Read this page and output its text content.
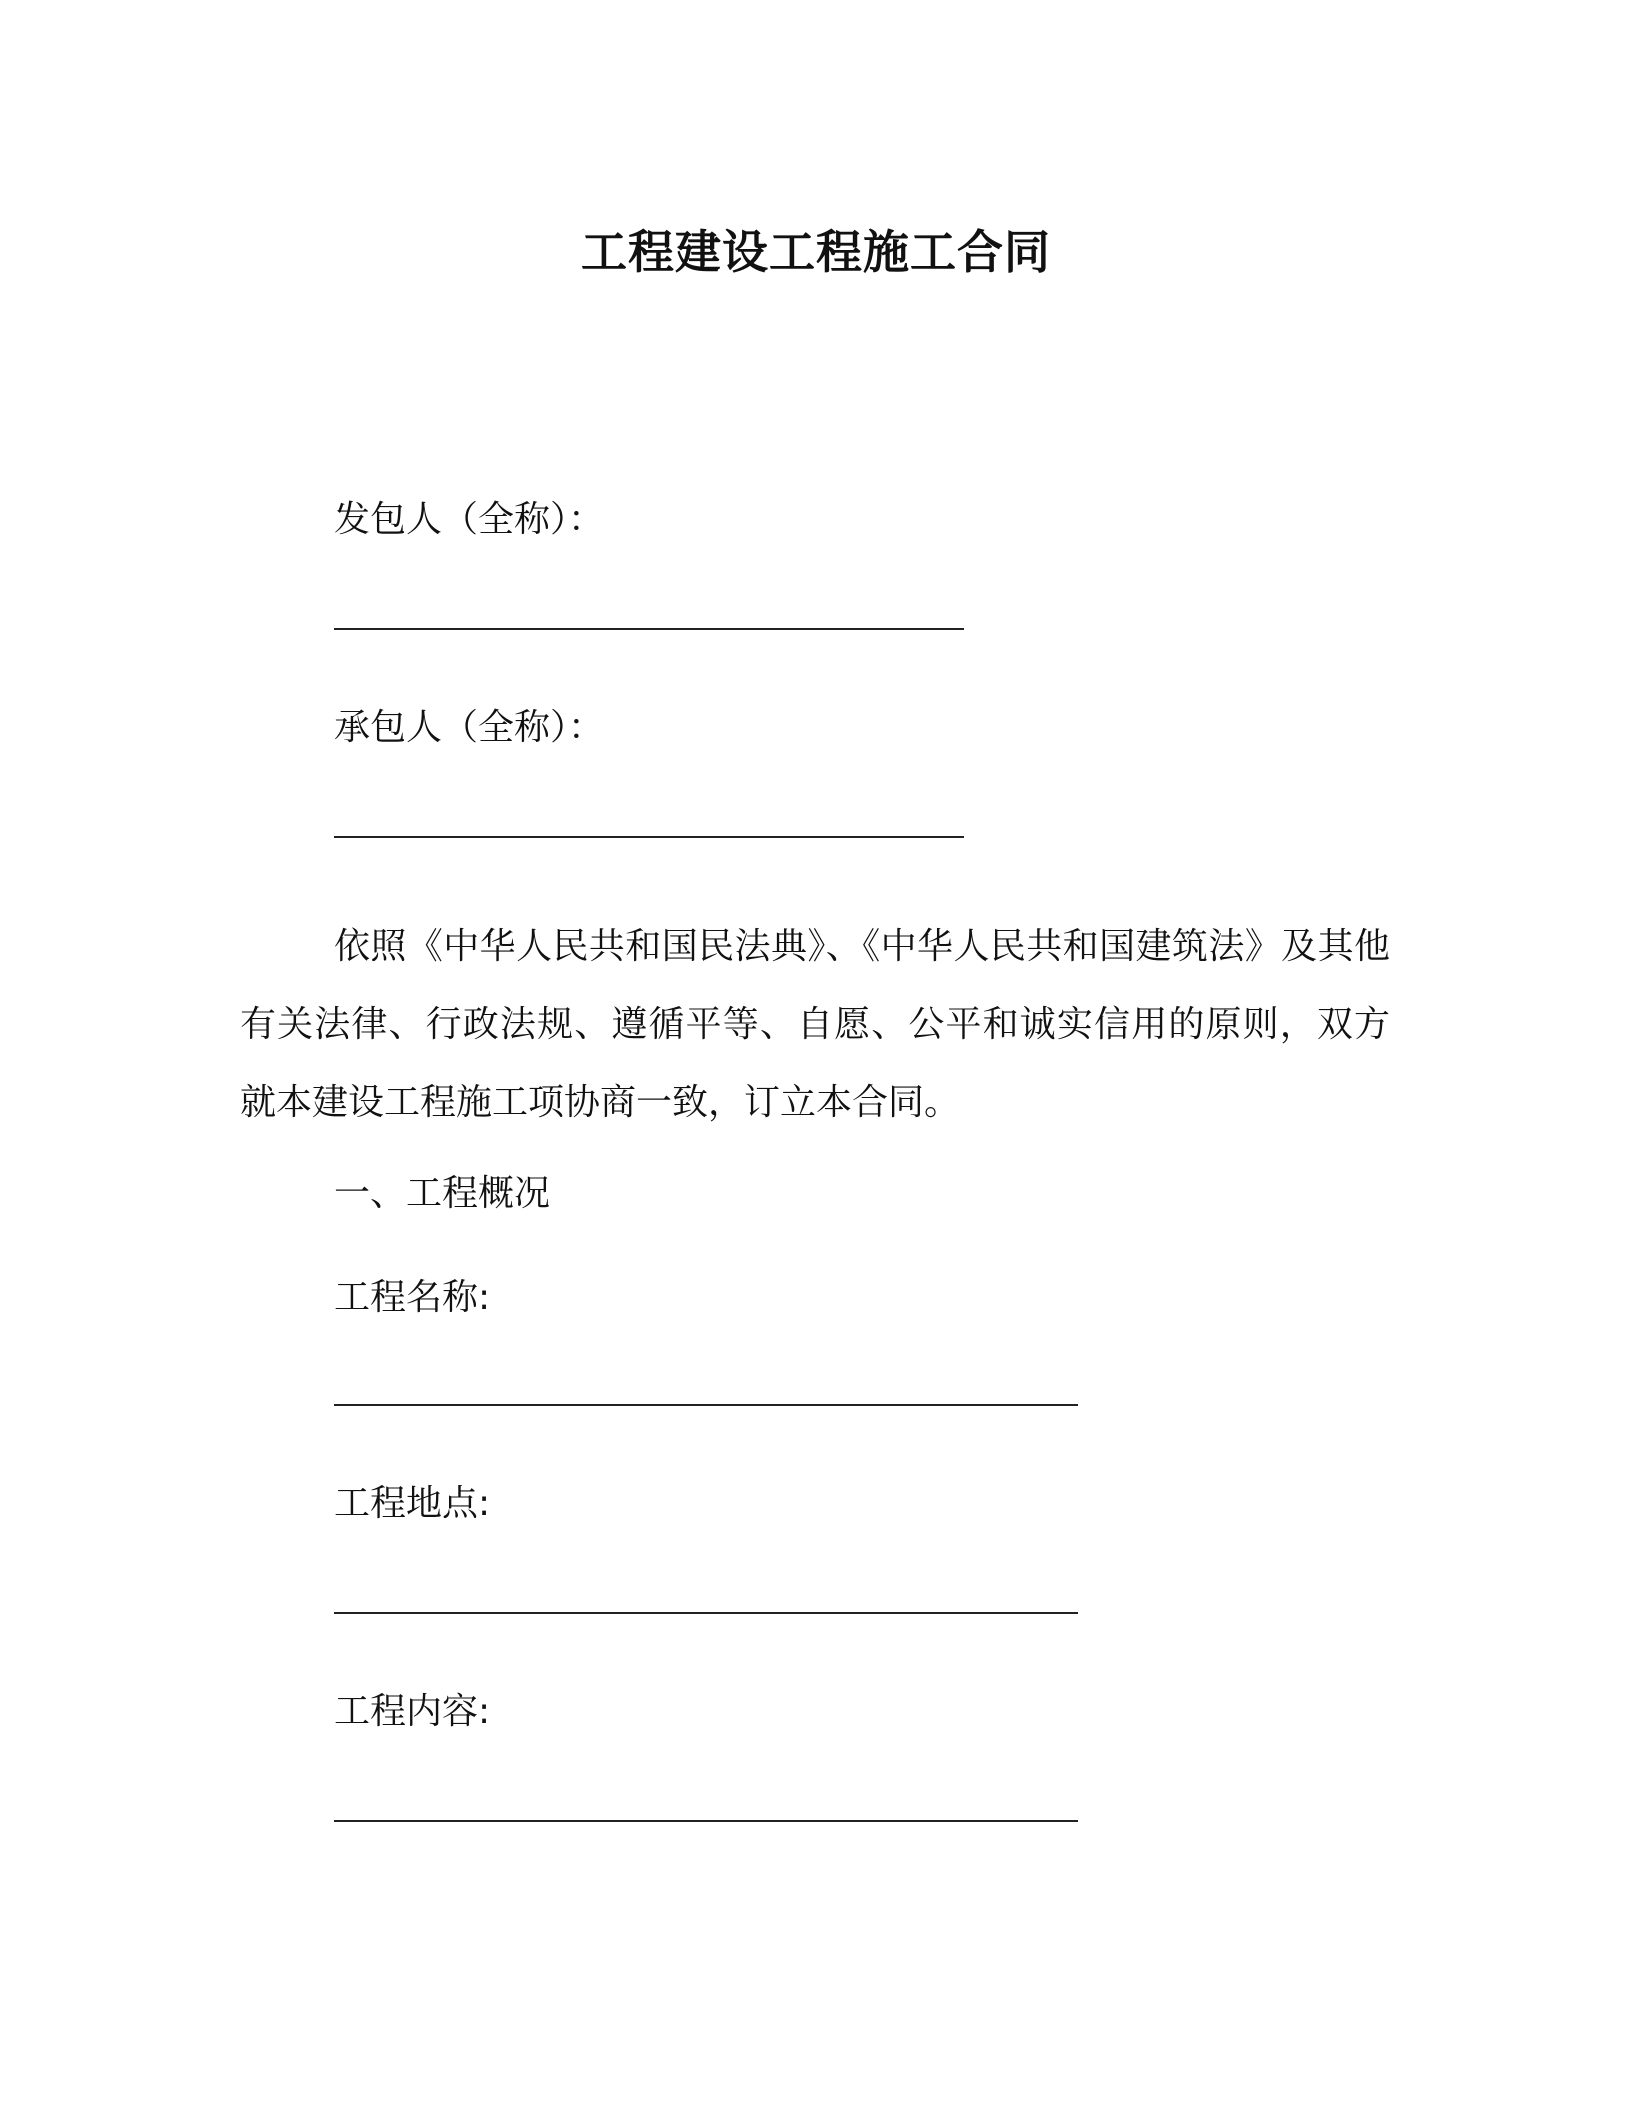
工程建设工程施工合同
发包人（全称）：
承包人（全称）：
依照《中华人民共和国民法典》、《中华人民共和国建筑法》及其他有关法律、行政法规、遵循平等、自愿、公平和诚实信用的原则，双方就本建设工程施工项协商一致，订立本合同。
一、工程概况
工程名称:
工程地点:
工程内容:
